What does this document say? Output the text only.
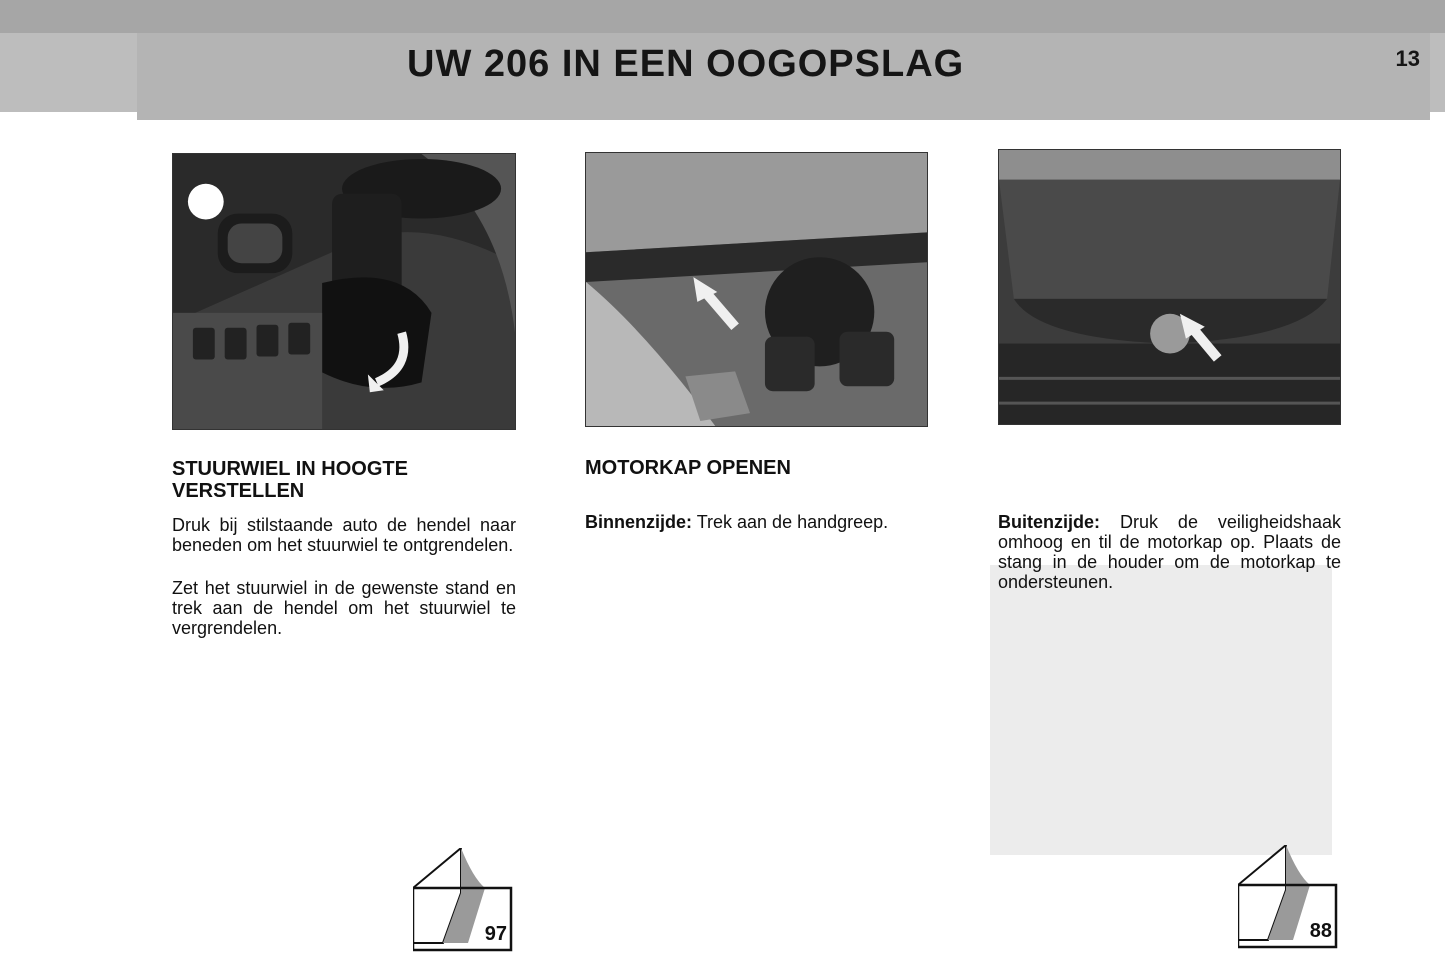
UW 206 IN EEN OOGOPSLAG	13
STUURWIEL IN HOOGTE VERSTELLEN
Druk bij stilstaande auto de hendel naar beneden om het stuurwiel te ontgrendelen.
Zet het stuurwiel in de gewenste stand en trek aan de hendel om het stuurwiel te vergrendelen.
MOTORKAP OPENEN
Binnenzijde: Trek aan de handgreep.	Buitenzijde: Druk de veiligheidshaak omhoog en til de motorkap op. Plaats de stang in de houder om de motorkap te ondersteunen.
97	88
